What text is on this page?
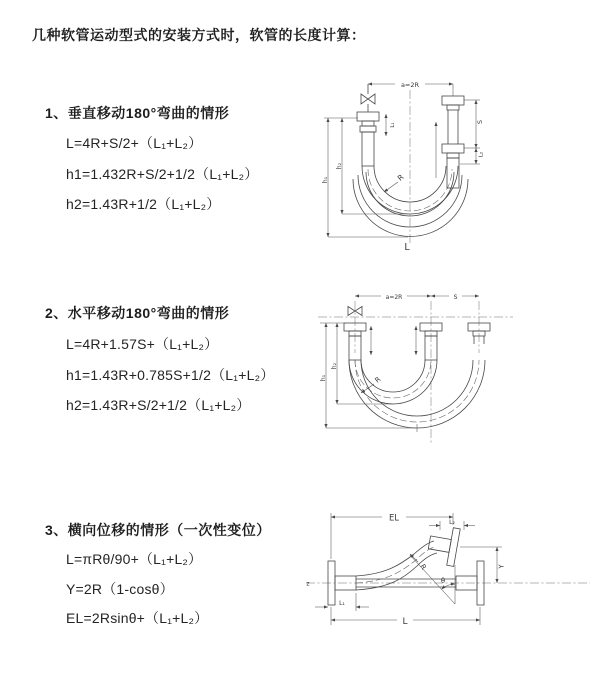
几种软管运动型式的安装方式时，软管的长度计算：
1、垂直移动180°弯曲的情形
L=4R+S/2+（L₁+L₂）
h1=1.432R+S/2+1/2（L₁+L₂）
h2=1.43R+1/2（L₁+L₂）
a=2R
L₁
S
L₂
h₁
h₂
R
L
2、水平移动180°弯曲的情形
L=4R+1.57S+（L₁+L₂）
h1=1.43R+0.785S+1/2（L₁+L₂）
h2=1.43R+S/2+1/2（L₁+L₂）
a=2R	S
h₁
h₂
R
3、横向位移的情形（一次性变位）
L=πRθ/90+（L₁+L₂）
Y=2R（1-cosθ）
EL=2Rsinθ+（L₁+L₂）
z
EL	L₂
Y
θ
R
L
L₁
